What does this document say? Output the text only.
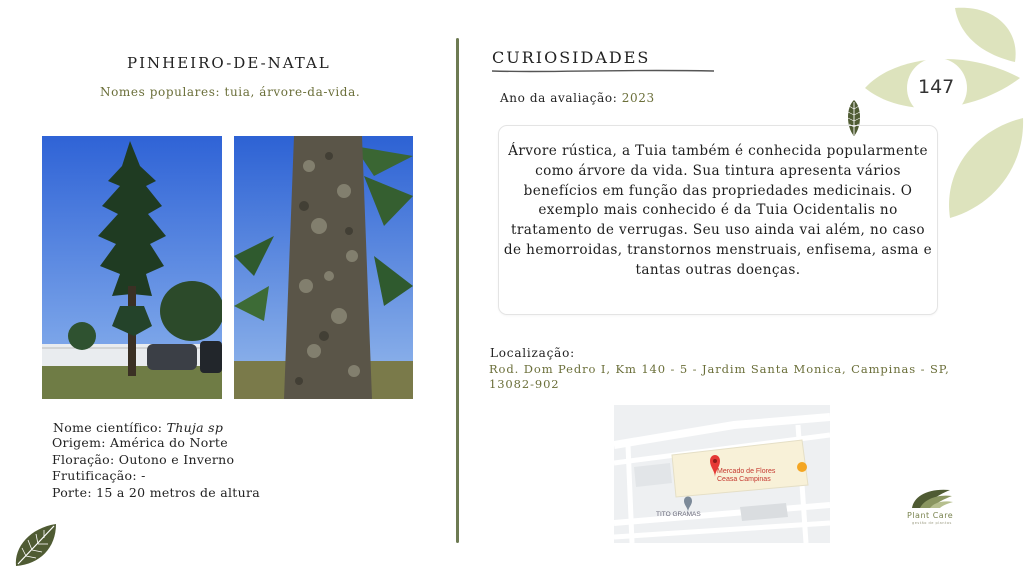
147
PINHEIRO-DE-NATAL
Nomes populares: tuia, árvore-da-vida.
Nome científico: Thuja sp
Origem: América do Norte
Floração: Outono e Inverno
Frutificação: -
Porte: 15 a 20 metros de altura
CURIOSIDADES
Ano da avaliação: 2023
Árvore rústica, a Tuia também é conhecida popularmente como árvore da vida. Sua tintura apresenta vários benefícios em função das propriedades medicinais. O exemplo mais conhecido é da Tuia Ocidentalis no tratamento de verrugas. Seu uso ainda vai além, no caso de hemorroidas, transtornos menstruais, enfisema, asma e tantas outras doenças.
Localização:
Rod. Dom Pedro I, Km 140 - 5 - Jardim Santa Monica, Campinas - SP,
13082-902
Mercado de Flores
Ceasa Campinas
TITO GRAMAS	Plant Care
gestão de plantas
